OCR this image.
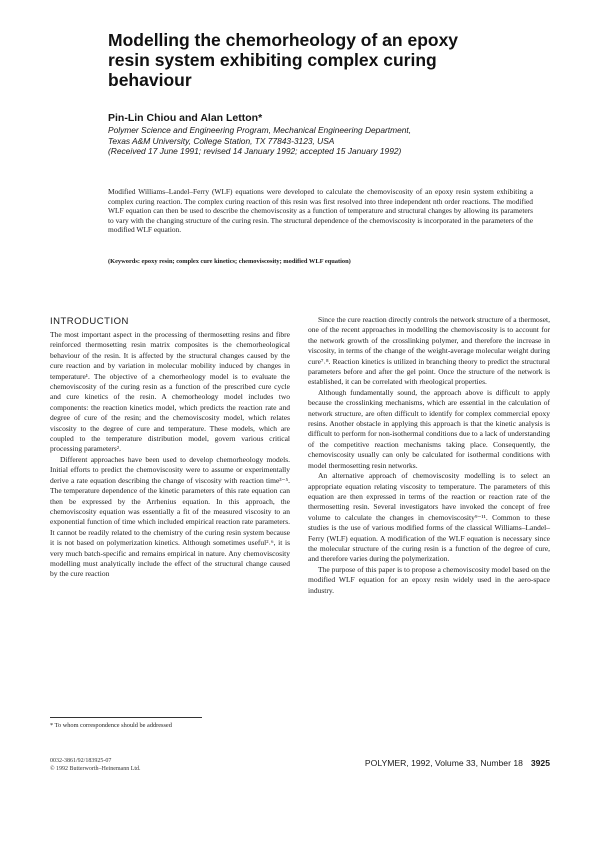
Modelling the chemorheology of an epoxy resin system exhibiting complex curing behaviour
Pin-Lin Chiou and Alan Letton*
Polymer Science and Engineering Program, Mechanical Engineering Department,
Texas A&M University, College Station, TX 77843-3123, USA
(Received 17 June 1991; revised 14 January 1992; accepted 15 January 1992)
Modified Williams–Landel–Ferry (WLF) equations were developed to calculate the chemoviscosity of an epoxy resin system exhibiting a complex curing reaction. The complex curing reaction of this resin was first resolved into three independent nth order reactions. The modified WLF equation can then be used to describe the chemoviscosity as a function of temperature and structural changes by allowing its parameters to vary with the changing structure of the curing resin. The structural dependence of the chemoviscosity is incorporated in the parameters of the modified WLF equation.
(Keywords: epoxy resin; complex cure kinetics; chemoviscosity; modified WLF equation)
INTRODUCTION

The most important aspect in the processing of thermosetting resins and fibre reinforced thermosetting resin matrix composites is the chemorheological behaviour of the resin. It is affected by the structural changes caused by the cure reaction and by variation in molecular mobility induced by changes in temperature¹. The objective of a chemorheology model is to evaluate the chemoviscosity of the curing resin as a function of the prescribed cure cycle and cure kinetics of the resin. A chemorheology model includes two components: the reaction kinetics model, which predicts the reaction rate and degree of cure of the resin; and the chemoviscosity model, which relates viscosity to the degree of cure and temperature. These models, which are coupled to the temperature distribution model, govern various critical processing parameters².

Different approaches have been used to develop chemorheology models. Initial efforts to predict the chemoviscosity were to assume or experimentally derive a rate equation describing the change of viscosity with reaction time³⁻⁵. The temperature dependence of the kinetic parameters of this rate equation can then be expressed by the Arrhenius equation. In this approach, the chemoviscosity equation was essentially a fit of the measured viscosity to an exponential function of time which included empirical reaction rate parameters. It cannot be readily related to the chemistry of the curing resin system because it is not based on polymerization kinetics. Although sometimes useful²˒⁶, it is very much batch-specific and remains empirical in nature. Any chemoviscosity modelling must analytically include the effect of the structural change caused by the cure reaction

Since the cure reaction directly controls the network structure of a thermoset, one of the recent approaches in modelling the chemoviscosity is to account for the network growth of the crosslinking polymer, and therefore the increase in viscosity, in terms of the change of the weight-average molecular weight during cure⁷˒⁸. Reaction kinetics is utilized in branching theory to predict the structural parameters before and after the gel point. Once the structure of the network is established, it can be correlated with rheological properties.

Although fundamentally sound, the approach above is difficult to apply because the crosslinking mechanisms, which are essential in the calculation of network structure, are often difficult to identify for complex commercial epoxy resins. Another obstacle in applying this approach is that the kinetic analysis is difficult to perform for non-isothermal conditions due to a lack of understanding of the competitive reaction mechanisms taking place. Consequently, the chemoviscosity usually can only be calculated for isothermal conditions with model thermosetting resin networks.

An alternative approach of chemoviscosity modelling is to select an appropriate equation relating viscosity to temperature. The parameters of this equation are then expressed in terms of the reaction or reaction rate of the thermosetting resin. Several investigators have invoked the concept of free volume to calculate the changes in chemoviscosity⁹⁻¹¹. Common to these studies is the use of various modified forms of the classical Williams–Landel–Ferry (WLF) equation. A modification of the WLF equation is necessary since the molecular structure of the curing resin is a function of the degree of cure, and therefore varies during the polymerization.

The purpose of this paper is to propose a chemoviscosity model based on the modified WLF equation for an epoxy resin widely used in the aero-space industry.

* To whom correspondence should be addressed
0032-3861/92/183925-07
© 1992 Butterworth–Heinemann Ltd.
POLYMER, 1992, Volume 33, Number 18 3925
